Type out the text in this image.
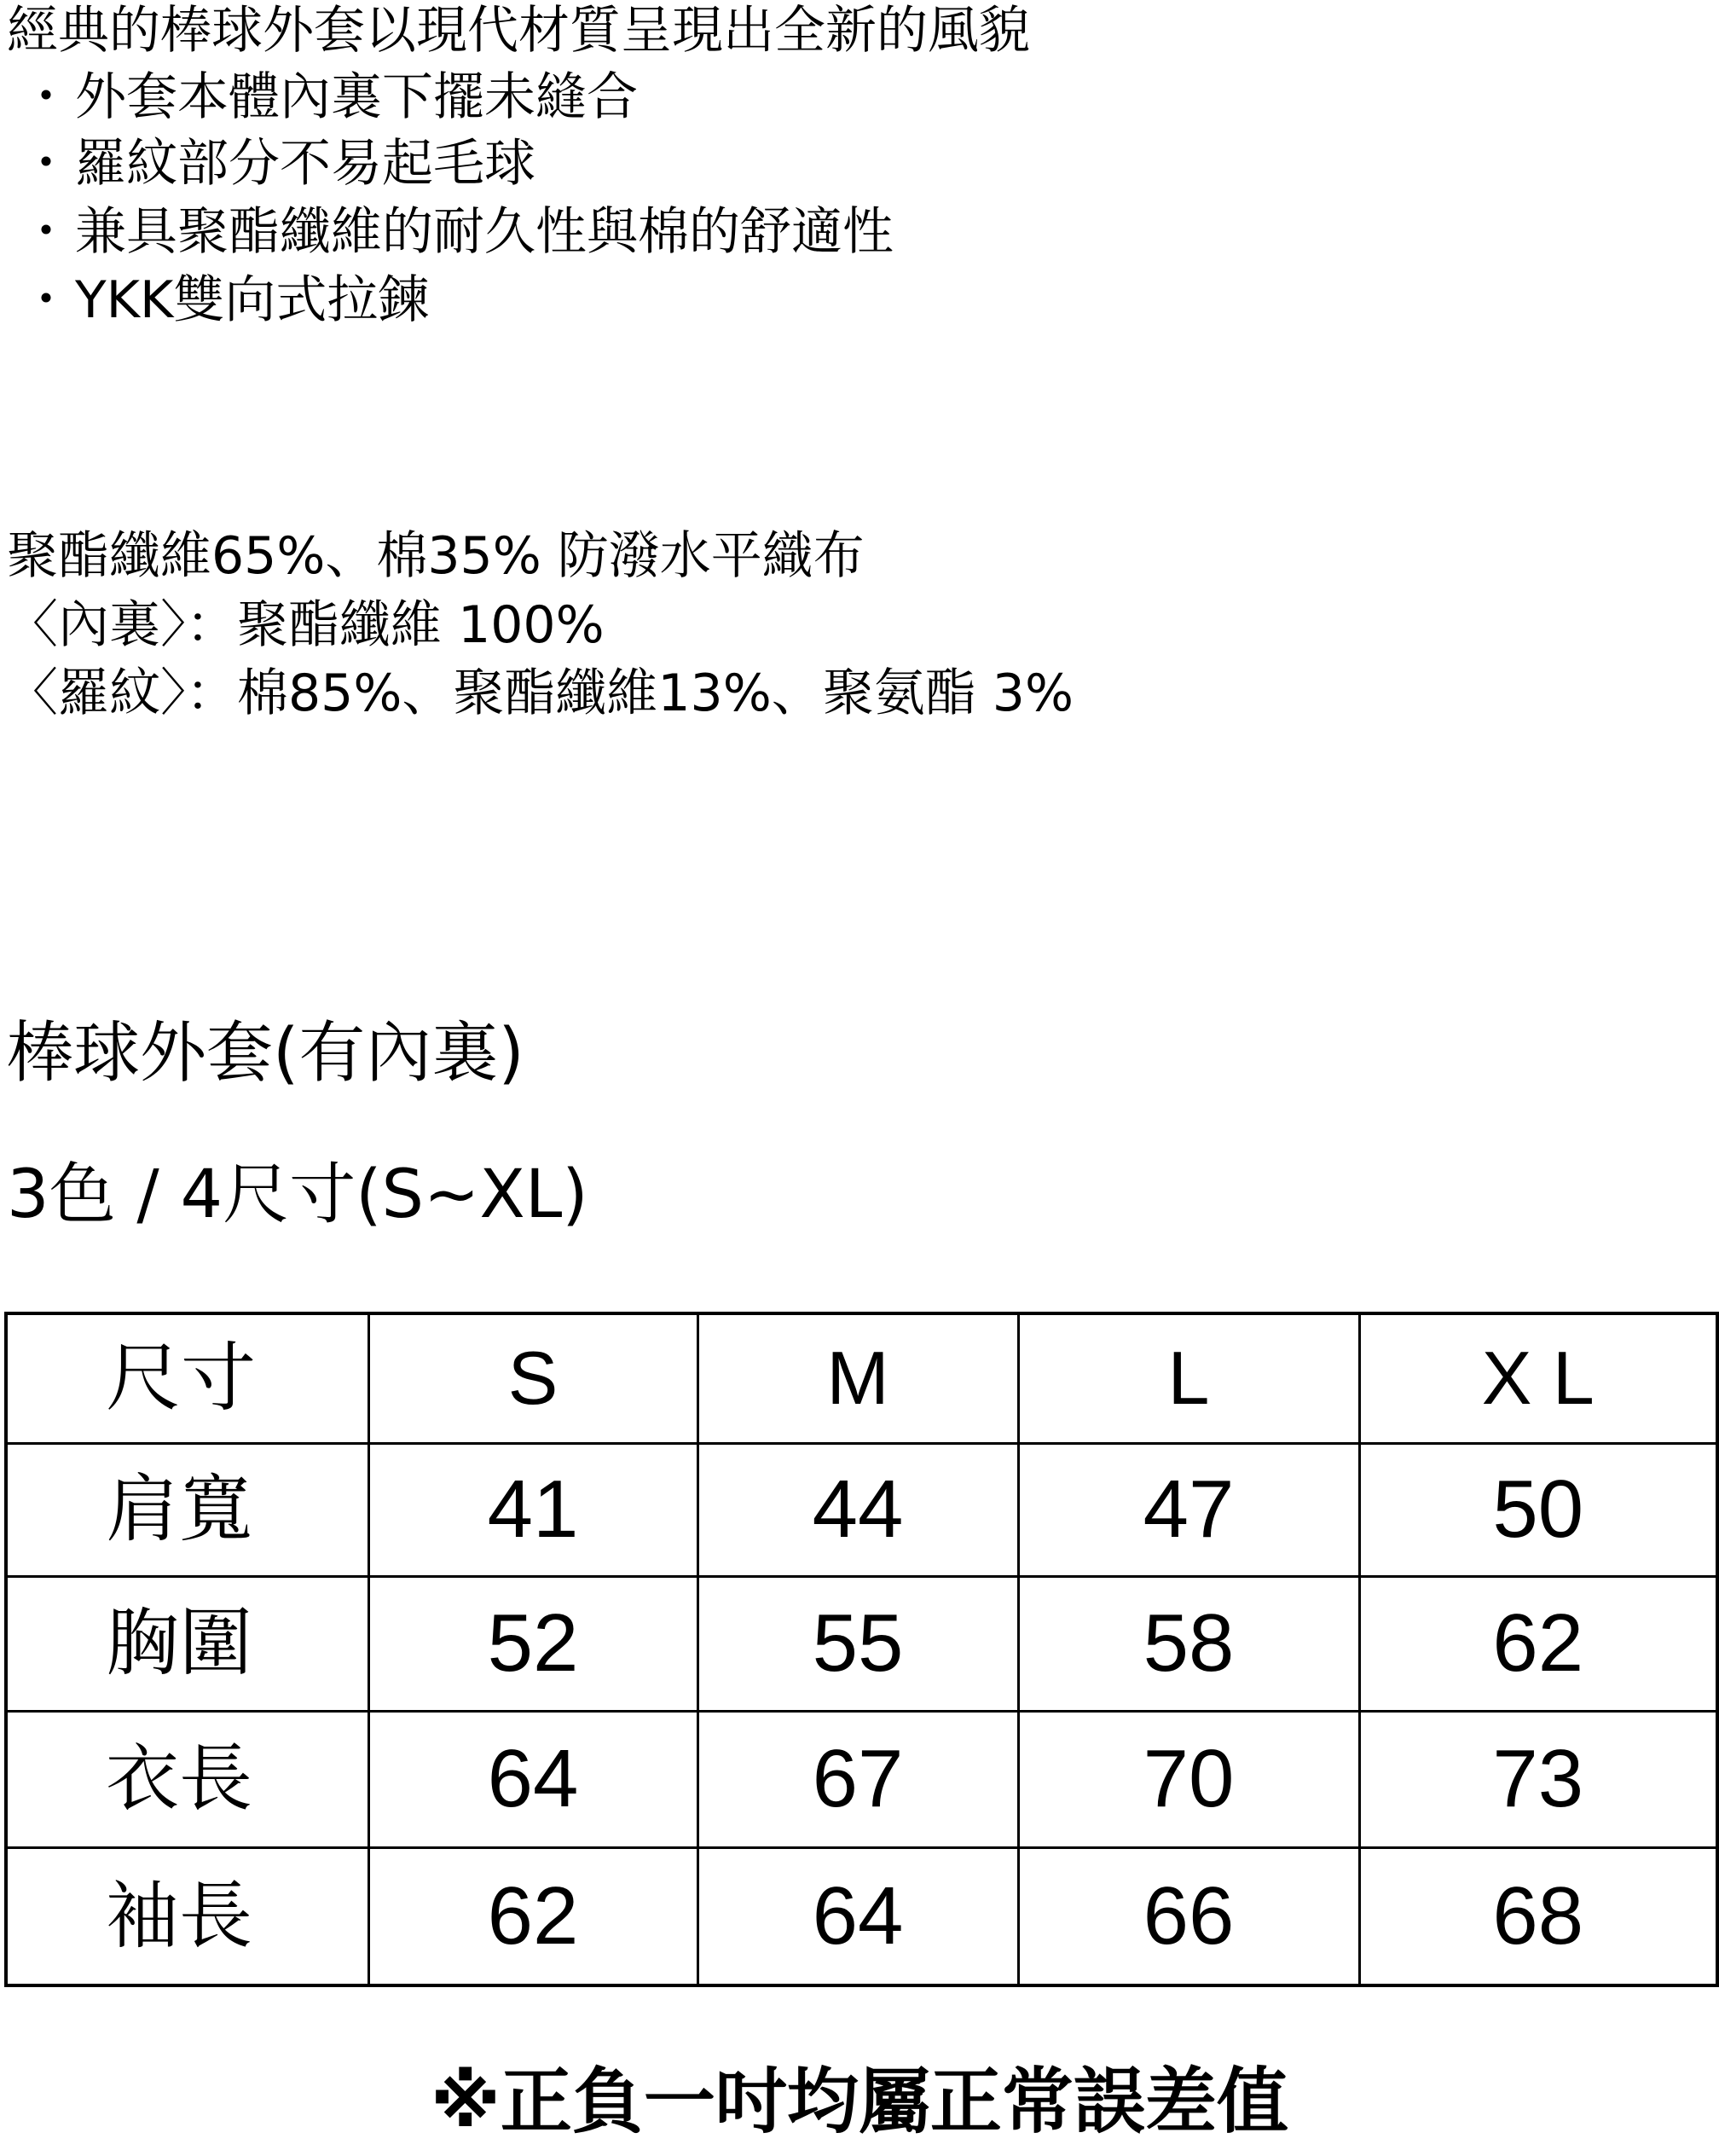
經典的棒球外套以現代材質呈現出全新的風貌
・外套本體內裏下擺未縫合
・羅紋部分不易起毛球
・兼具聚酯纖維的耐久性與棉的舒適性
・YKK雙向式拉鍊
聚酯纖維65%、棉35% 防潑水平織布
〈內裏〉：聚酯纖維 100%
〈羅紋〉：棉85%、聚酯纖維13%、聚氨酯 3%
棒球外套(有內裏)
3色 / 4尺寸(S~XL)
尺寸	S	M	L	X L
肩寬	41	44	47	50
胸圍	52	55	58	62
衣長	64	67	70	73
袖長	62	64	66	68
※正負一吋均屬正常誤差值
